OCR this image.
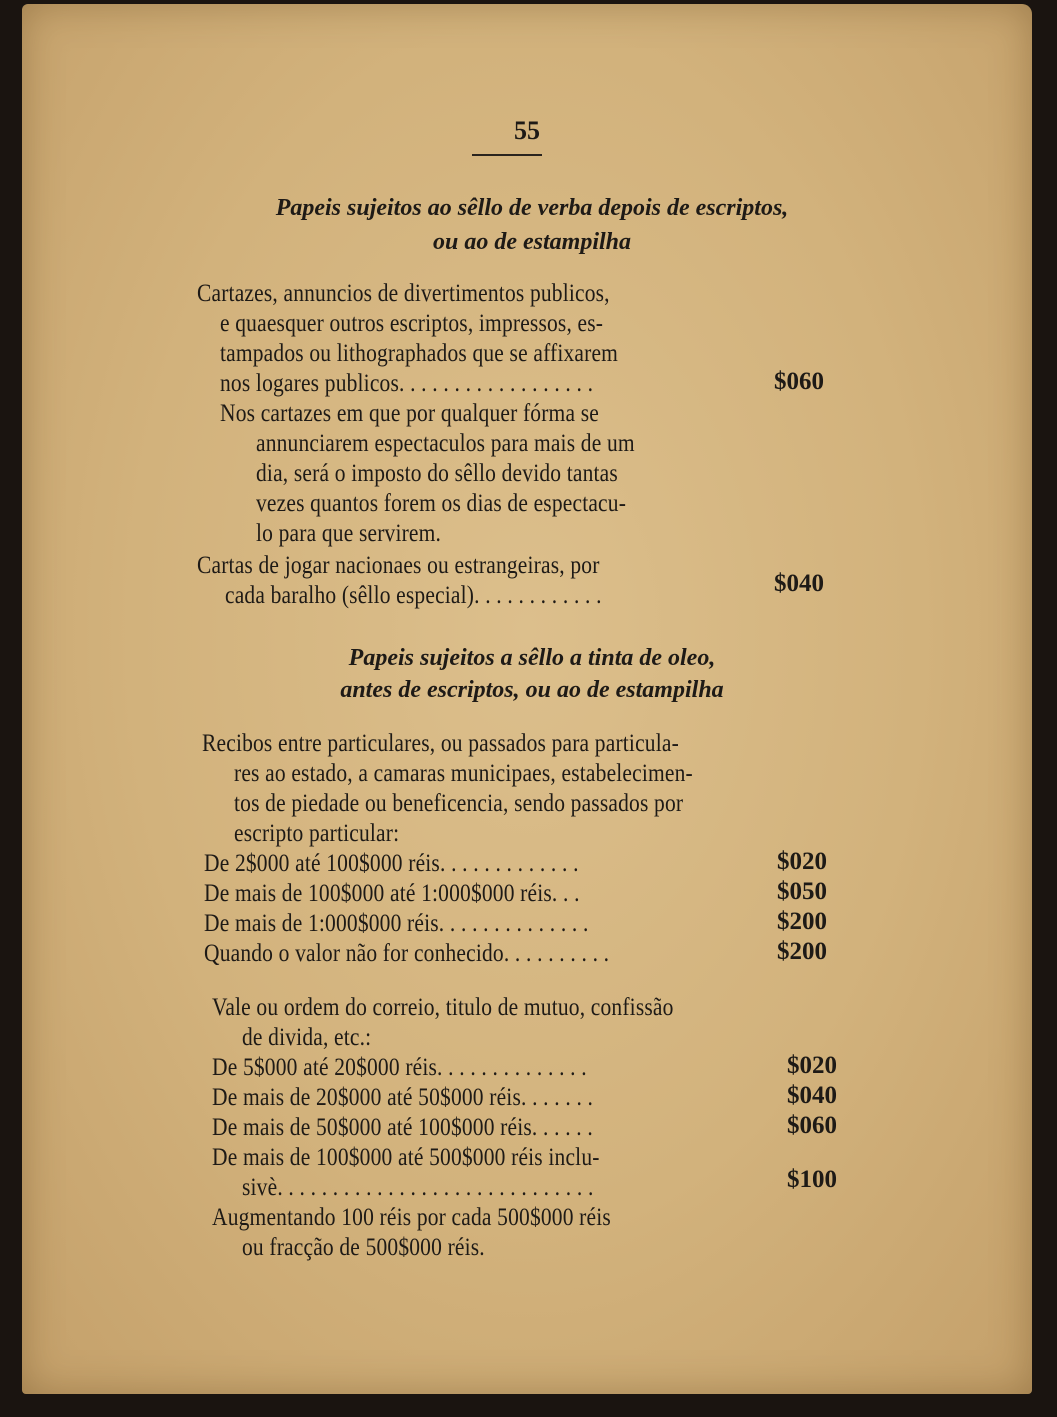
55
Papeis sujeitos ao sêllo de verba depois de escriptos,
ou ao de estampilha
Cartazes, annuncios de divertimentos publicos,
e quaesquer outros escriptos, impressos, es-
tampados ou lithographados que se affixarem
nos logares publicos. . . . . . . . . . . . . . . . . .	$060
Nos cartazes em que por qualquer fórma se
annunciarem espectaculos para mais de um
dia, será o imposto do sêllo devido tantas
vezes quantos forem os dias de espectacu-
lo para que servirem.
Cartas de jogar nacionaes ou estrangeiras, por
cada baralho (sêllo especial). . . . . . . . . . . .	$040
Papeis sujeitos a sêllo a tinta de oleo,
antes de escriptos, ou ao de estampilha
Recibos entre particulares, ou passados para particula-
res ao estado, a camaras municipaes, estabelecimen-
tos de piedade ou beneficencia, sendo passados por
escripto particular:
De 2$000 até 100$000 réis. . . . . . . . . . . . .	$020
De mais de 100$000 até 1:000$000 réis. . .	$050
De mais de 1:000$000 réis. . . . . . . . . . . . . .	$200
Quando o valor não for conhecido. . . . . . . . . .	$200
Vale ou ordem do correio, titulo de mutuo, confissão
de divida, etc.:
De 5$000 até 20$000 réis. . . . . . . . . . . . . .	$020
De mais de 20$000 até 50$000 réis. . . . . . .	$040
De mais de 50$000 até 100$000 réis. . . . . .	$060
De mais de 100$000 até 500$000 réis inclu-
sivè. . . . . . . . . . . . . . . . . . . . . . . . . . . . .	$100
Augmentando 100 réis por cada 500$000 réis
ou fracção de 500$000 réis.
